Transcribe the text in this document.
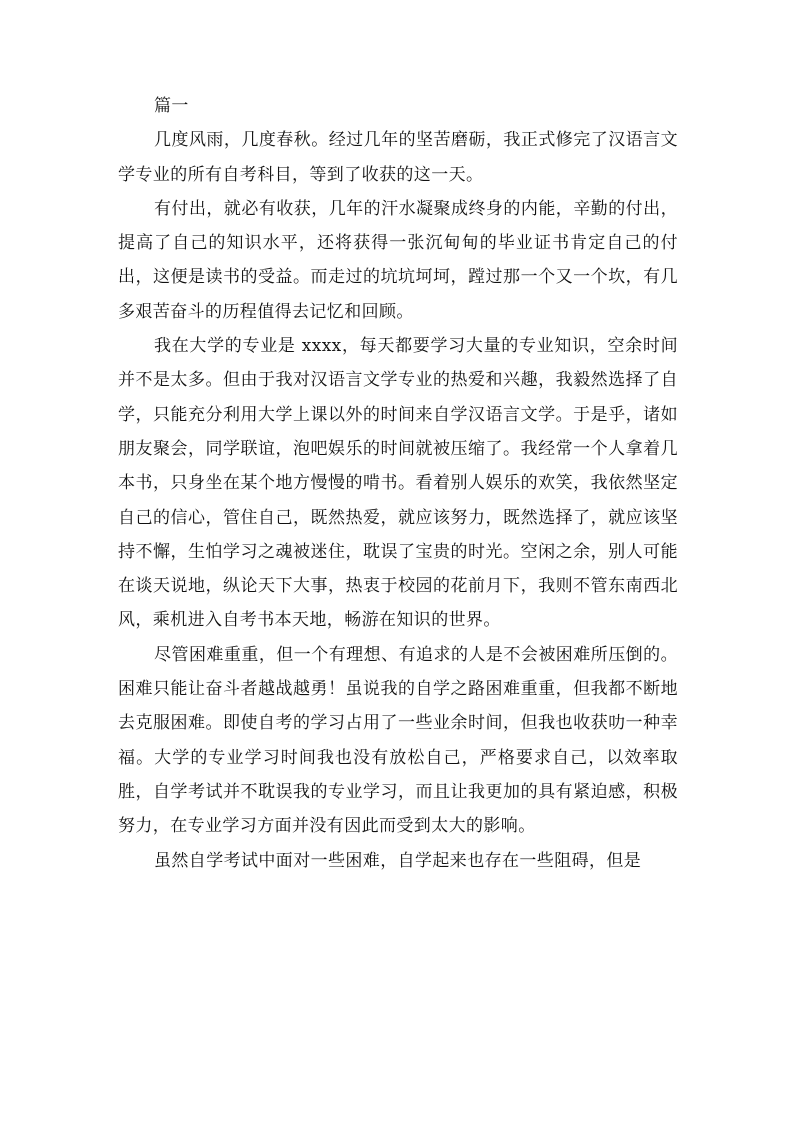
篇一

几度风雨，几度春秋。经过几年的坚苦磨砺，我正式修完了汉语言文学专业的所有自考科目，等到了收获的这一天。

有付出，就必有收获，几年的汗水凝聚成终身的内能，辛勤的付出，提高了自己的知识水平，还将获得一张沉甸甸的毕业证书肯定自己的付出，这便是读书的受益。而走过的坑坑坷坷，蹚过那一个又一个坎，有几多艰苦奋斗的历程值得去记忆和回顾。

我在大学的专业是 xxxx，每天都要学习大量的专业知识，空余时间并不是太多。但由于我对汉语言文学专业的热爱和兴趣，我毅然选择了自学，只能充分利用大学上课以外的时间来自学汉语言文学。于是乎，诸如朋友聚会，同学联谊，泡吧娱乐的时间就被压缩了。我经常一个人拿着几本书，只身坐在某个地方慢慢的啃书。看着别人娱乐的欢笑，我依然坚定自己的信心，管住自己，既然热爱，就应该努力，既然选择了，就应该坚持不懈，生怕学习之魂被迷住，耽误了宝贵的时光。空闲之余，别人可能在谈天说地，纵论天下大事，热衷于校园的花前月下，我则不管东南西北风，乘机进入自考书本天地，畅游在知识的世界。

尽管困难重重，但一个有理想、有追求的人是不会被困难所压倒的。困难只能让奋斗者越战越勇！虽说我的自学之路困难重重，但我都不断地去克服困难。即使自考的学习占用了一些业余时间，但我也收获叻一种幸福。大学的专业学习时间我也没有放松自己，严格要求自己，以效率取胜，自学考试并不耽误我的专业学习，而且让我更加的具有紧迫感，积极努力，在专业学习方面并没有因此而受到太大的影响。

虽然自学考试中面对一些困难，自学起来也存在一些阻碍，但是
